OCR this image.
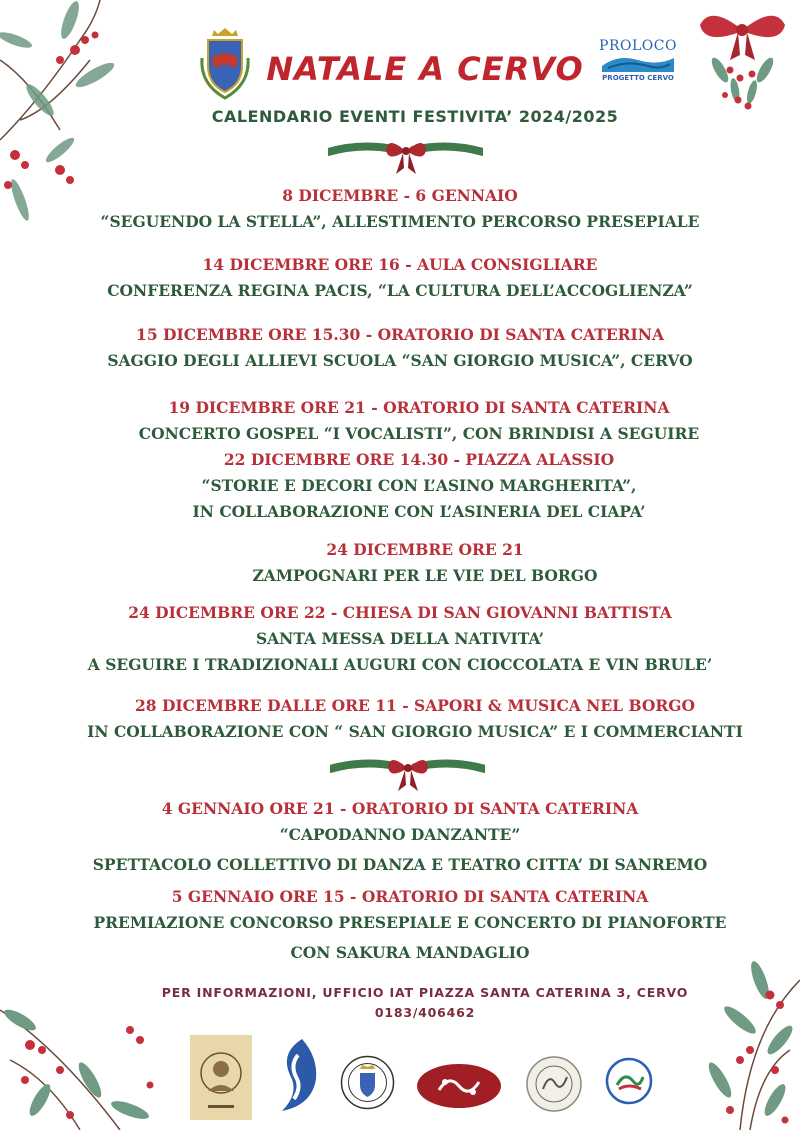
NATALE A CERVO
PROLOCO
PROGETTO CERVO
CALENDARIO EVENTI FESTIVITA’ 2024/2025
8 DICEMBRE - 6 GENNAIO
“SEGUENDO LA STELLA”, ALLESTIMENTO PERCORSO PRESEPIALE
14 DICEMBRE ORE 16 - AULA CONSIGLIARE
CONFERENZA REGINA PACIS, “LA CULTURA DELL’ACCOGLIENZA”
15 DICEMBRE ORE 15.30 - ORATORIO DI SANTA CATERINA
SAGGIO DEGLI ALLIEVI SCUOLA “SAN GIORGIO MUSICA”, CERVO
19 DICEMBRE ORE 21 - ORATORIO DI SANTA CATERINA
CONCERTO GOSPEL “I VOCALISTI”, CON BRINDISI A SEGUIRE
22 DICEMBRE ORE 14.30 - PIAZZA ALASSIO
“STORIE E DECORI CON L’ASINO MARGHERITA”,
IN COLLABORAZIONE CON L’ASINERIA DEL CIAPA’
24 DICEMBRE ORE 21
ZAMPOGNARI PER LE VIE DEL BORGO
24 DICEMBRE ORE 22 - CHIESA DI SAN GIOVANNI BATTISTA
SANTA MESSA DELLA NATIVITA’
A SEGUIRE I TRADIZIONALI AUGURI CON CIOCCOLATA E VIN BRULE’
28 DICEMBRE DALLE ORE 11 - SAPORI & MUSICA NEL BORGO
IN COLLABORAZIONE CON “ SAN GIORGIO MUSICA” E I COMMERCIANTI
4 GENNAIO ORE 21 - ORATORIO DI SANTA CATERINA
“CAPODANNO DANZANTE”
SPETTACOLO COLLETTIVO DI DANZA E TEATRO CITTA’ DI SANREMO
5 GENNAIO ORE 15 - ORATORIO DI SANTA CATERINA
PREMIAZIONE CONCORSO PRESEPIALE E CONCERTO DI PIANOFORTE
CON SAKURA MANDAGLIO
PER INFORMAZIONI, UFFICIO IAT PIAZZA SANTA CATERINA 3, CERVO
0183/406462
